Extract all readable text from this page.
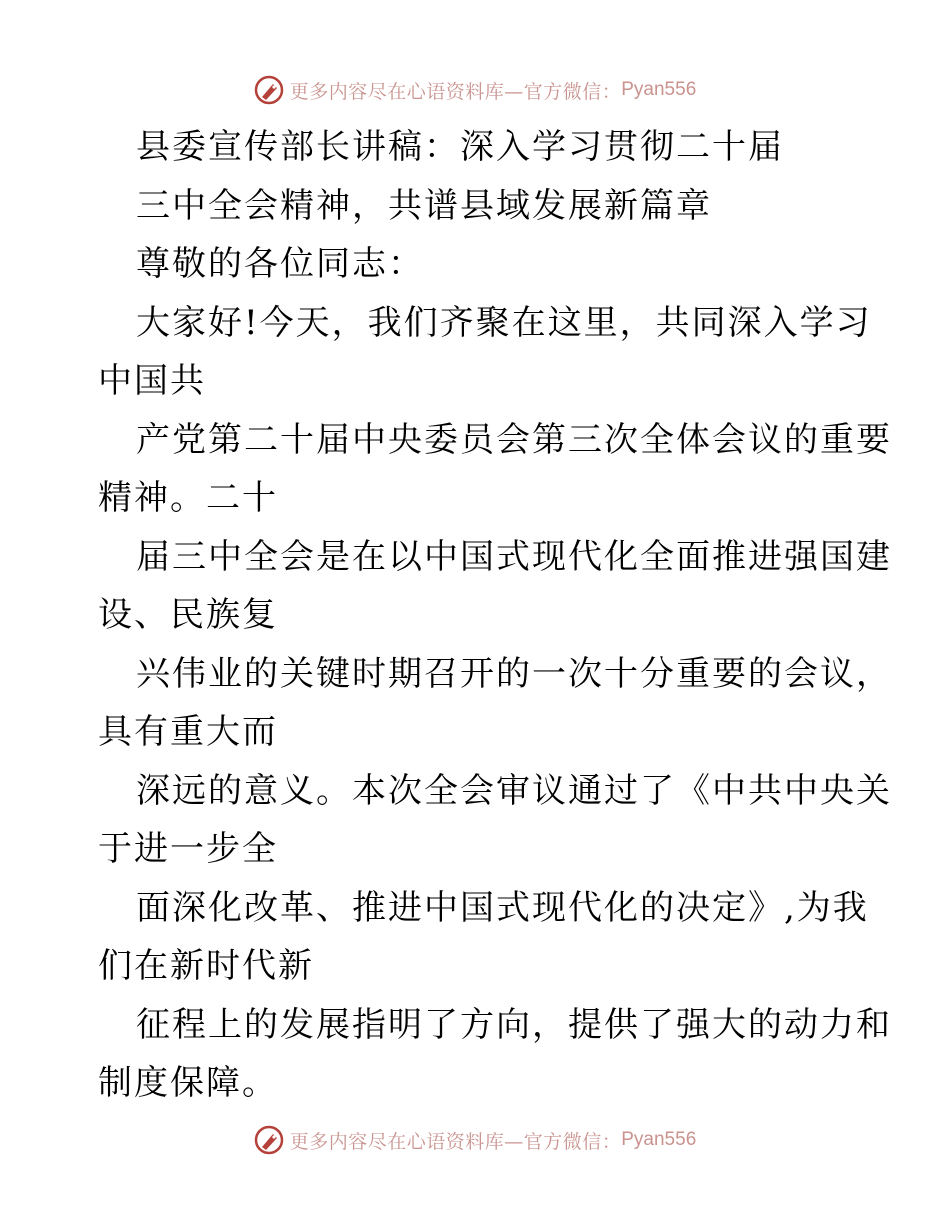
更多内容尽在心语资料库—官方微信： Pyan556
县委宣传部长讲稿：深入学习贯彻二十届
三中全会精神，共谱县域发展新篇章
尊敬的各位同志：
大家好!今天，我们齐聚在这里，共同深入学习
中国共
产党第二十届中央委员会第三次全体会议的重要
精神。二十
届三中全会是在以中国式现代化全面推进强国建
设、民族复
兴伟业的关键时期召开的一次十分重要的会议，
具有重大而
深远的意义。本次全会审议通过了《中共中央关
于进一步全
面深化改革、推进中国式现代化的决定》,为我
们在新时代新
征程上的发展指明了方向，提供了强大的动力和
制度保障。
更多内容尽在心语资料库—官方微信： Pyan556
